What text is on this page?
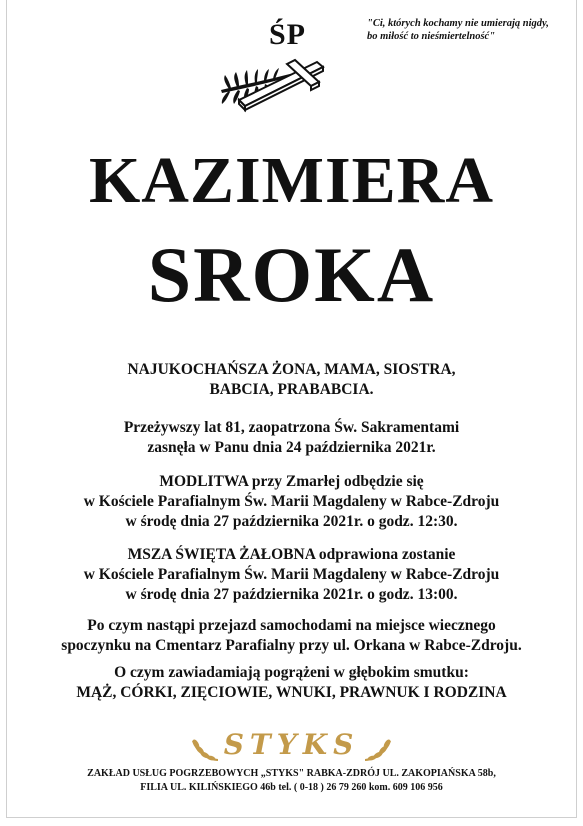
ŚP	"Ci, których kochamy nie umierają nigdy,
bo miłość to nieśmiertelność"
KAZIMIERA
SROKA
NAJUKOCHAŃSZA ŻONA, MAMA, SIOSTRA,
BABCIA, PRABABCIA.
Przeżywszy lat 81, zaopatrzona Św. Sakramentami
zasnęła w Panu dnia 24 października 2021r.
MODLITWA przy Zmarłej odbędzie się
w Kościele Parafialnym Św. Marii Magdaleny w Rabce-Zdroju
w środę dnia 27 października 2021r. o godz. 12:30.
MSZA ŚWIĘTA ŻAŁOBNA odprawiona zostanie
w Kościele Parafialnym Św. Marii Magdaleny w Rabce-Zdroju
w środę dnia 27 października 2021r. o godz. 13:00.
Po czym nastąpi przejazd samochodami na miejsce wiecznego
spoczynku na Cmentarz Parafialny przy ul. Orkana w Rabce-Zdroju.
O czym zawiadamiają pogrążeni w głębokim smutku:
MĄŻ, CÓRKI, ZIĘCIOWIE, WNUKI, PRAWNUK I RODZINA
STYKS
ZAKŁAD USŁUG POGRZEBOWYCH „STYKS" RABKA-ZDRÓJ UL. ZAKOPIAŃSKA 58b,
FILIA UL. KILIŃSKIEGO 46b tel. ( 0-18 ) 26 79 260 kom. 609 106 956
